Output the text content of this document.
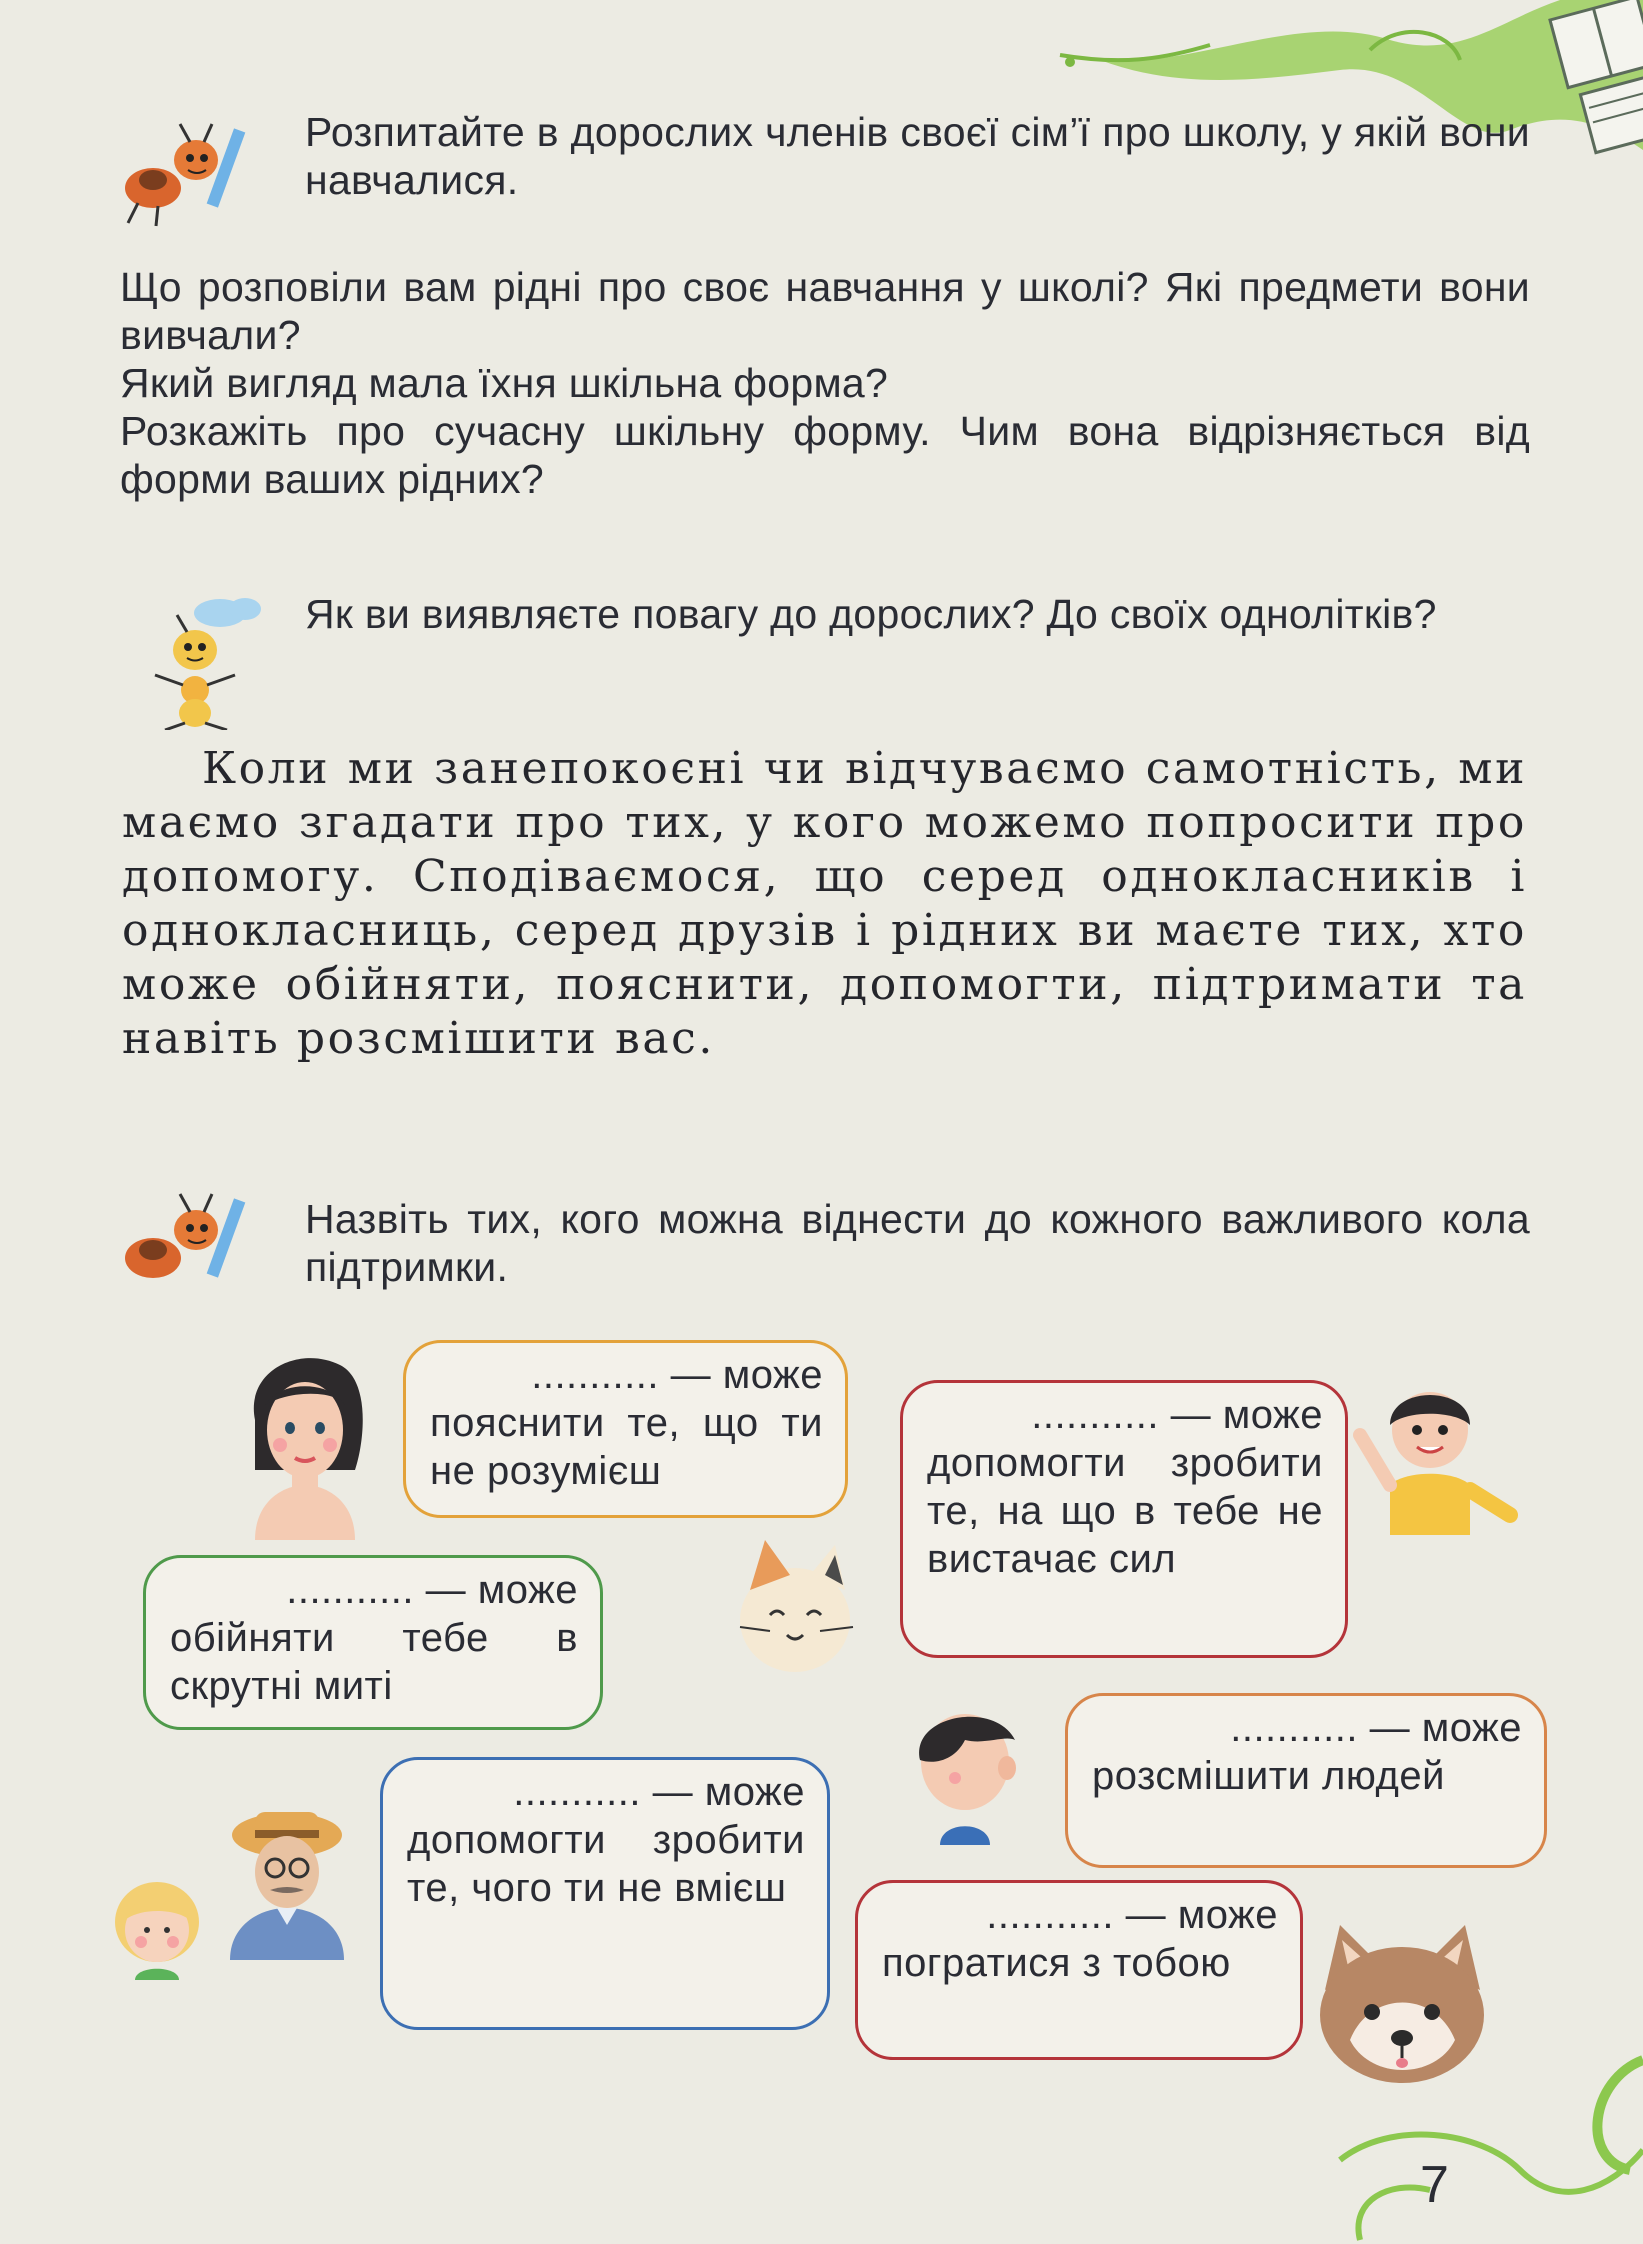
Розпитайте в дорослих членів своєї сім’ї про школу, у якій вони навчалися.
Що розповіли вам рідні про своє навчання у школі? Які предмети вони вивчали?
Який вигляд мала їхня шкільна форма?
Розкажіть про сучасну шкільну форму. Чим вона відрізняється від форми ваших рідних?
Як ви виявляєте повагу до дорослих? До своїх однолітків?
Коли ми занепокоєні чи відчуваємо самотність, ми маємо згадати про тих, у кого можемо попросити про допомогу. Сподіваємося, що серед однокласників і однокласниць, серед друзів і рідних ви маєте тих, хто може обійняти, пояснити, допомогти, підтримати та навіть розсмішити вас.
Назвіть тих, кого можна віднести до кожного важливого кола підтримки.
........... — може
пояснити те, що ти не розумієш
........... — може
допомогти зробити те, на що в тебе не вистачає сил
........... — може
обійняти тебе в скрутні миті
........... — може
розсмішити людей
........... — може
допомогти зробити те, чого ти не вмієш
........... — може
погратися з тобою
7
